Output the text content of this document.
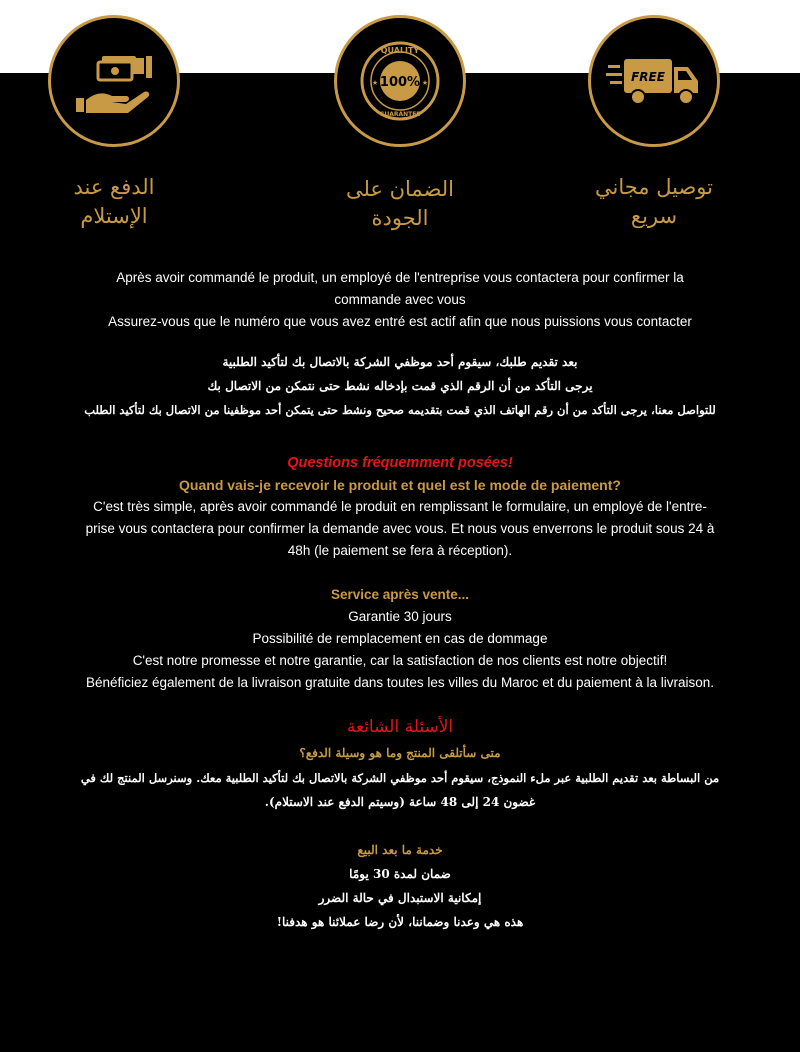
الدفع عند
الإستلام
QUALITY
100%
GUARANTEE
★	★
الضمان على
الجودة
FREE
توصيل مجاني
سريع
Après avoir commandé le produit, un employé de l'entreprise vous contactera pour confirmer la
commande avec vous
Assurez-vous que le numéro que vous avez entré est actif afin que nous puissions vous contacter
بعد تقديم طلبك، سيقوم أحد موظفي الشركة بالاتصال بك لتأكيد الطلبية
يرجى التأكد من أن الرقم الذي قمت بإدخاله نشط حتى نتمكن من الاتصال بك
للتواصل معنا، يرجى التأكد من أن رقم الهاتف الذي قمت بتقديمه صحيح ونشط حتى يتمكن أحد موظفينا من الاتصال بك لتأكيد الطلب
Questions fréquemment posées!
Quand vais-je recevoir le produit et quel est le mode de paiement?
C'est très simple, après avoir commandé le produit en remplissant le formulaire, un employé de l'entre-
prise vous contactera pour confirmer la demande avec vous. Et nous vous enverrons le produit sous 24 à
48h (le paiement se fera à réception).
Service après vente...
Garantie 30 jours
Possibilité de remplacement en cas de dommage
C'est notre promesse et notre garantie, car la satisfaction de nos clients est notre objectif!
Bénéficiez également de la livraison gratuite dans toutes les villes du Maroc et du paiement à la livraison.
الأسئلة الشائعة
متى سأتلقى المنتج وما هو وسيلة الدفع؟
من البساطة بعد تقديم الطلبية عبر ملء النموذج، سيقوم أحد موظفي الشركة بالاتصال بك لتأكيد الطلبية معك. وسنرسل المنتج لك في
غضون 24 إلى 48 ساعة (وسيتم الدفع عند الاستلام).
خدمة ما بعد البيع
ضمان لمدة 30 يومًا
إمكانية الاستبدال في حالة الضرر
هذه هي وعدنا وضماننا، لأن رضا عملائنا هو هدفنا!
